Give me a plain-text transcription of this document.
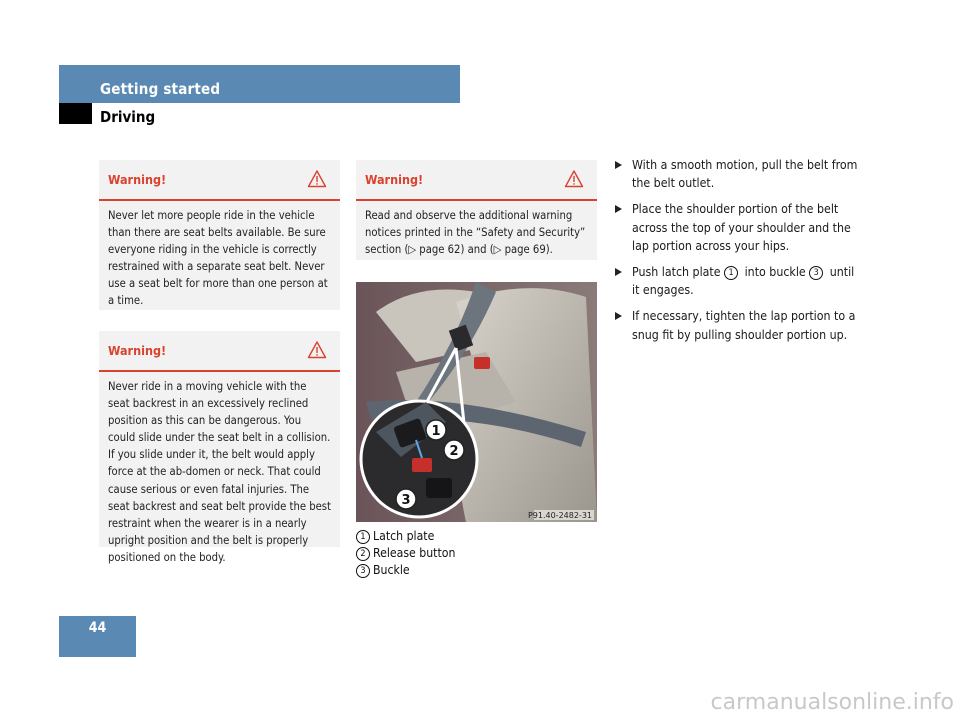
Getting started
Driving
Warning!
Never let more people ride in the vehicle than there are seat belts available. Be sure everyone riding in the vehicle is correctly restrained with a separate seat belt. Never use a seat belt for more than one person at a time.
Warning!
Never ride in a moving vehicle with the seat backrest in an excessively reclined position as this can be dangerous. You could slide under the seat belt in a collision. If you slide under it, the belt would apply force at the ab-domen or neck. That could cause serious or even fatal injuries. The seat backrest and seat belt provide the best restraint when the wearer is in a nearly upright position and the belt is properly positioned on the body.
Warning!
Read and observe the additional warning notices printed in the “Safety and Security” section (▷ page 62) and (▷ page 69).
1
2
3
P91.40-2482-31
1 Latch plate
2 Release button
3 Buckle
With a smooth motion, pull the belt from the belt outlet.
Place the shoulder portion of the belt across the top of your shoulder and the lap portion across your hips.
Push latch plate 1 into buckle 3 until it engages.
If necessary, tighten the lap portion to a snug fit by pulling shoulder portion up.
44
carmanualsonline.info
